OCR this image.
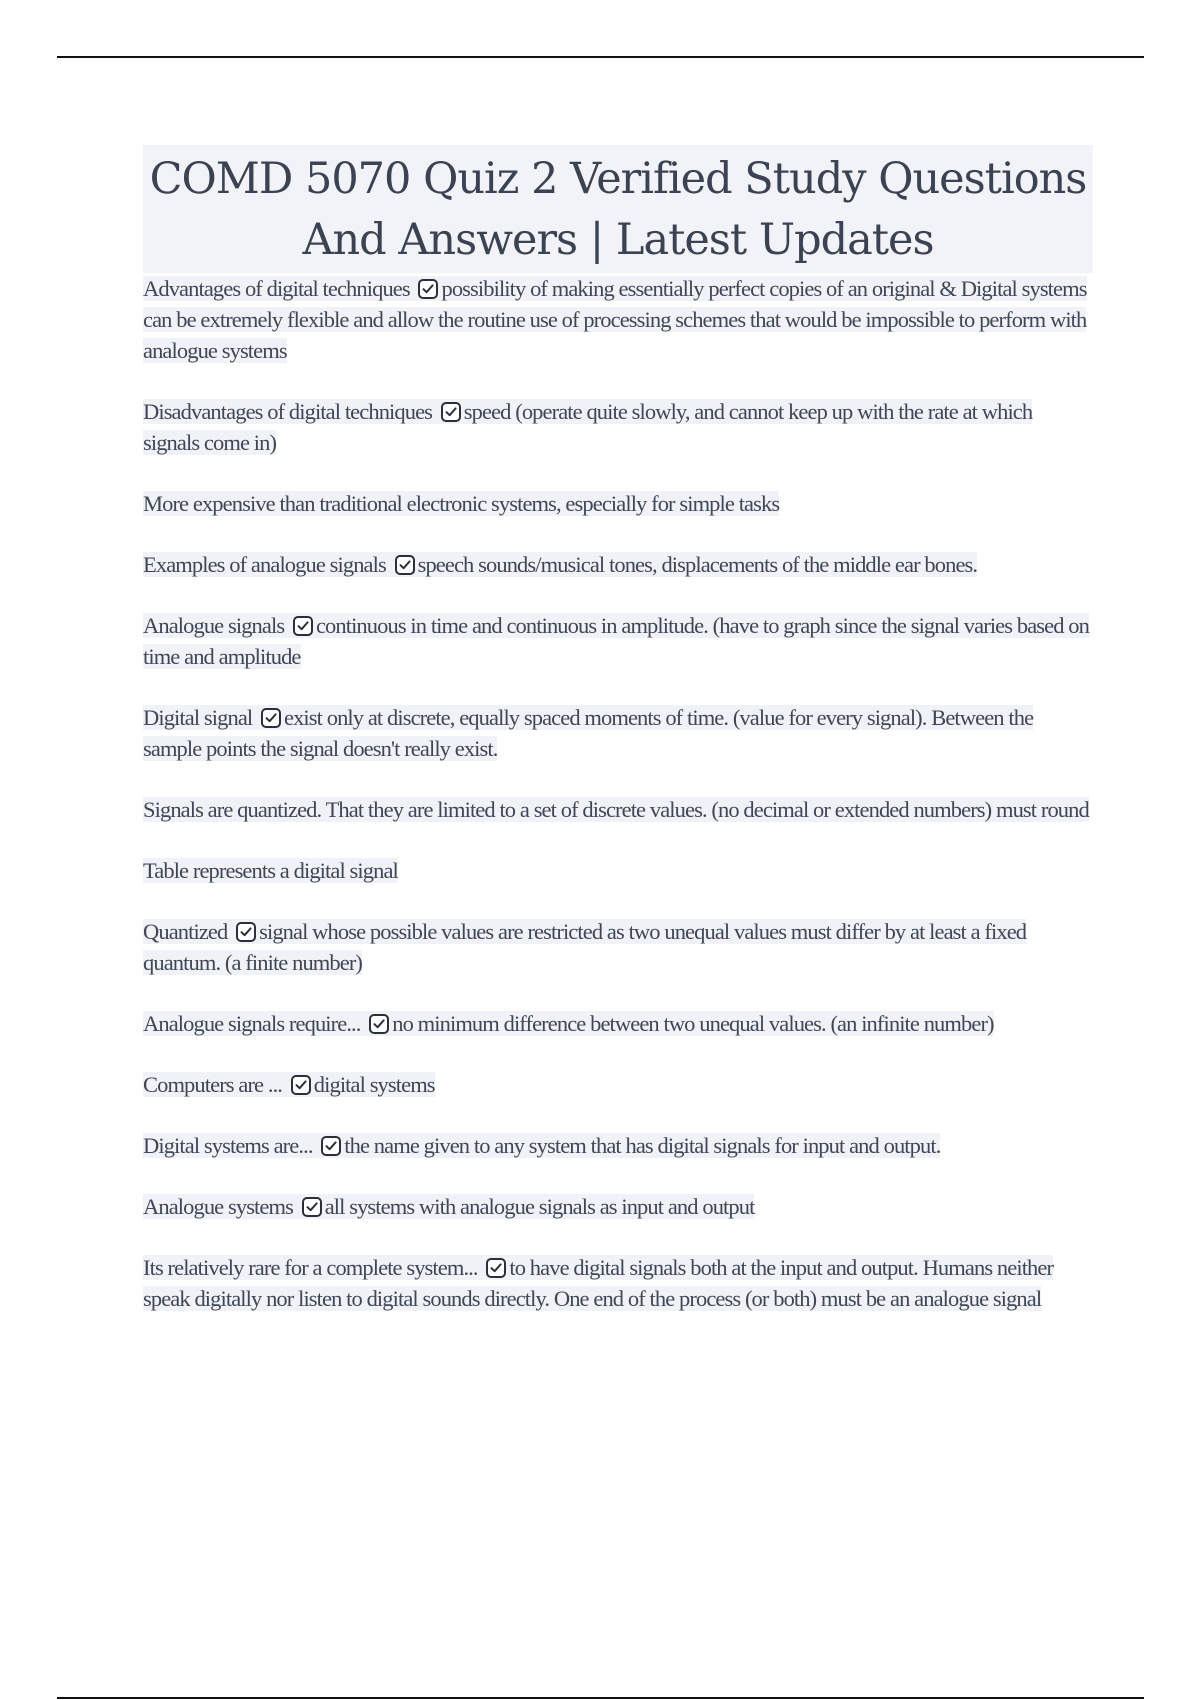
COMD 5070 Quiz 2 Verified Study Questions And Answers | Latest Updates

Advantages of digital techniques possibility of making essentially perfect copies of an original & Digital systems can be extremely flexible and allow the routine use of processing schemes that would be impossible to perform with analogue systems

Disadvantages of digital techniques speed (operate quite slowly, and cannot keep up with the rate at which signals come in)

More expensive than traditional electronic systems, especially for simple tasks

Examples of analogue signals speech sounds/musical tones, displacements of the middle ear bones.

Analogue signals continuous in time and continuous in amplitude. (have to graph since the signal varies based on time and amplitude

Digital signal exist only at discrete, equally spaced moments of time. (value for every signal). Between the sample points the signal doesn't really exist.

Signals are quantized. That they are limited to a set of discrete values. (no decimal or extended numbers) must round

Table represents a digital signal

Quantized signal whose possible values are restricted as two unequal values must differ by at least a fixed quantum. (a finite number)

Analogue signals require... no minimum difference between two unequal values. (an infinite number)

Computers are ... digital systems

Digital systems are... the name given to any system that has digital signals for input and output.

Analogue systems all systems with analogue signals as input and output

Its relatively rare for a complete system... to have digital signals both at the input and output. Humans neither speak digitally nor listen to digital sounds directly. One end of the process (or both) must be an analogue signal
